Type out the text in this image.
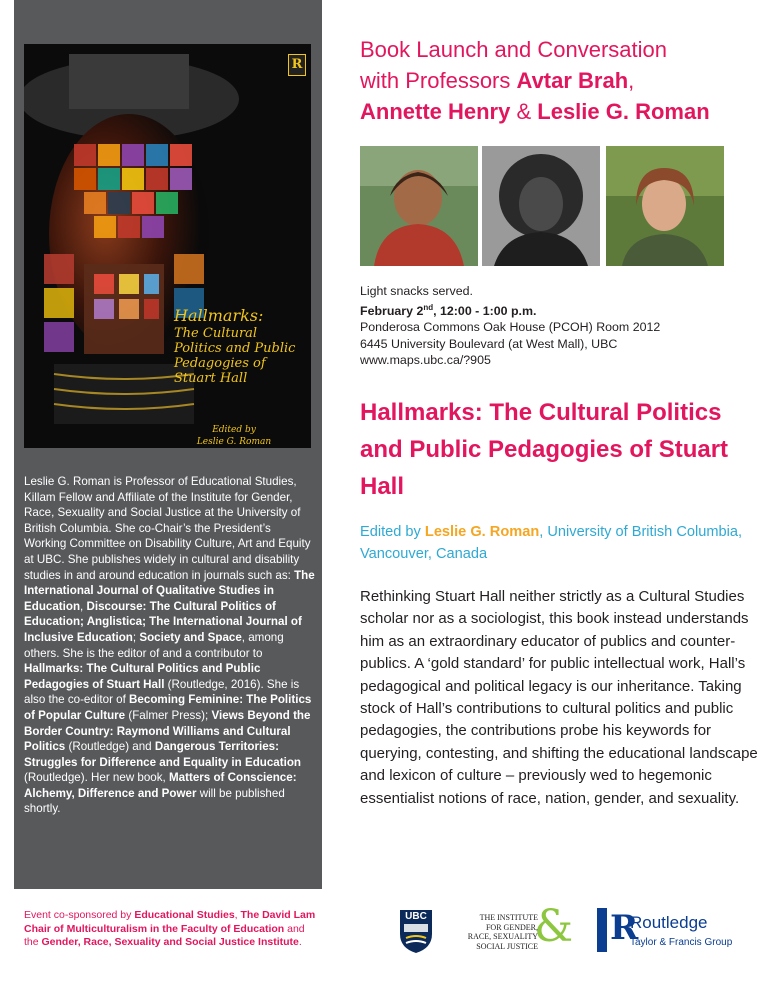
R
Hallmarks:
The Cultural Politics and Public Pedagogies of Stuart Hall
Edited by
Leslie G. Roman
Leslie G. Roman is Professor of Educational Studies, Killam Fellow and Affiliate of the Institute for Gender, Race, Sexuality and Social Justice at the University of British Columbia. She co-Chair’s the President’s Working Committee on Disability Culture, Art and Equity at UBC. She publishes widely in cultural and disability studies in and around education in journals such as: The International Journal of Qualitative Studies in Education, Discourse: The Cultural Politics of Education; Anglistica; The International Journal of Inclusive Education; Society and Space, among others. She is the editor of and a contributor to Hallmarks: The Cultural Politics and Public Pedagogies of Stuart Hall (Routledge, 2016). She is also the co-editor of Becoming Feminine: The Politics of Popular Culture (Falmer Press); Views Beyond the Border Country: Raymond Williams and Cultural Politics (Routledge) and Dangerous Territories: Struggles for Difference and Equality in Education (Routledge). Her new book, Matters of Conscience: Alchemy, Difference and Power will be published shortly.
Event co-sponsored by Educational Studies, The David Lam Chair of Multiculturalism in the Faculty of Education and the Gender, Race, Sexuality and Social Justice Institute.
Book Launch and Conversation
with Professors Avtar Brah,
Annette Henry & Leslie G. Roman
Light snacks served.
February 2nd, 12:00 - 1:00 p.m.
Ponderosa Commons Oak House (PCOH) Room 2012
6445 University Boulevard (at West Mall), UBC
www.maps.ubc.ca/?905
Hallmarks: The Cultural Politics and Public Pedagogies of Stuart Hall
Edited by Leslie G. Roman, University of British Columbia, Vancouver, Canada
Rethinking Stuart Hall neither strictly as a Cultural Studies scholar nor as a sociologist, this book instead understands him as an extraordinary educator of publics and counter-publics. A ‘gold standard’ for public intellectual work, Hall’s pedagogical and political legacy is our inheritance. Taking stock of Hall’s contributions to cultural politics and public pedagogies, the contributions probe his keywords for querying, contesting, and shifting the educational landscape and lexicon of culture – previously wed to hegemonic essentialist notions of race, nation, gender, and sexuality.
UBC	THE INSTITUTE FOR GENDER, RACE, SEXUALITY SOCIAL JUSTICE
& R
Routledge
Taylor & Francis Group
